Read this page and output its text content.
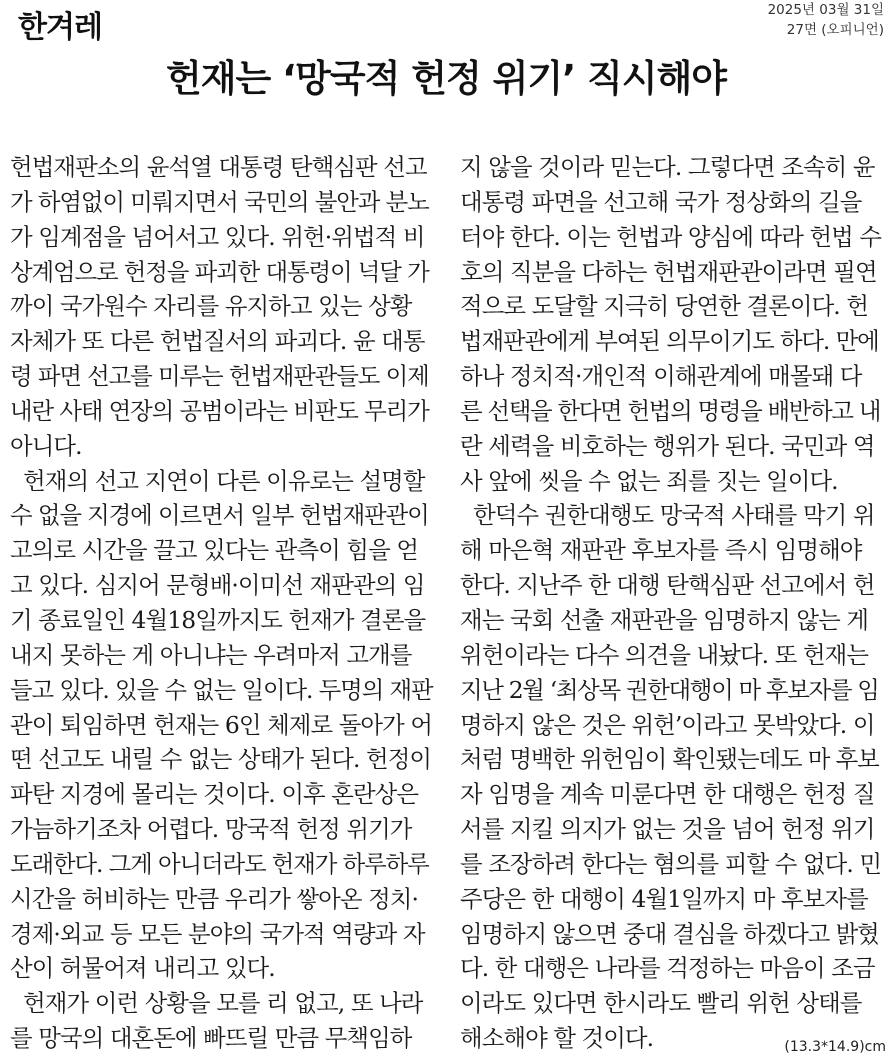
한겨레	2025년 03월 31일
27면 (오피니언)
헌재는 ‘망국적 헌정 위기’ 직시해야
헌법재판소의 윤석열 대통령 탄핵심판 선고
가 하염없이 미뤄지면서 국민의 불안과 분노
가 임계점을 넘어서고 있다. 위헌·위법적 비
상계엄으로 헌정을 파괴한 대통령이 넉달 가
까이 국가원수 자리를 유지하고 있는 상황
자체가 또 다른 헌법질서의 파괴다. 윤 대통
령 파면 선고를 미루는 헌법재판관들도 이제
내란 사태 연장의 공범이라는 비판도 무리가
아니다.
헌재의 선고 지연이 다른 이유로는 설명할
수 없을 지경에 이르면서 일부 헌법재판관이
고의로 시간을 끌고 있다는 관측이 힘을 얻
고 있다. 심지어 문형배·이미선 재판관의 임
기 종료일인 4월18일까지도 헌재가 결론을
내지 못하는 게 아니냐는 우려마저 고개를
들고 있다. 있을 수 없는 일이다. 두명의 재판
관이 퇴임하면 헌재는 6인 체제로 돌아가 어
떤 선고도 내릴 수 없는 상태가 된다. 헌정이
파탄 지경에 몰리는 것이다. 이후 혼란상은
가늠하기조차 어렵다. 망국적 헌정 위기가
도래한다. 그게 아니더라도 헌재가 하루하루
시간을 허비하는 만큼 우리가 쌓아온 정치·
경제·외교 등 모든 분야의 국가적 역량과 자
산이 허물어져 내리고 있다.
헌재가 이런 상황을 모를 리 없고, 또 나라
를 망국의 대혼돈에 빠뜨릴 만큼 무책임하
지 않을 것이라 믿는다. 그렇다면 조속히 윤
대통령 파면을 선고해 국가 정상화의 길을
터야 한다. 이는 헌법과 양심에 따라 헌법 수
호의 직분을 다하는 헌법재판관이라면 필연
적으로 도달할 지극히 당연한 결론이다. 헌
법재판관에게 부여된 의무이기도 하다. 만에
하나 정치적·개인적 이해관계에 매몰돼 다
른 선택을 한다면 헌법의 명령을 배반하고 내
란 세력을 비호하는 행위가 된다. 국민과 역
사 앞에 씻을 수 없는 죄를 짓는 일이다.
한덕수 권한대행도 망국적 사태를 막기 위
해 마은혁 재판관 후보자를 즉시 임명해야
한다. 지난주 한 대행 탄핵심판 선고에서 헌
재는 국회 선출 재판관을 임명하지 않는 게
위헌이라는 다수 의견을 내놨다. 또 헌재는
지난 2월 ‘최상목 권한대행이 마 후보자를 임
명하지 않은 것은 위헌’이라고 못박았다. 이
처럼 명백한 위헌임이 확인됐는데도 마 후보
자 임명을 계속 미룬다면 한 대행은 헌정 질
서를 지킬 의지가 없는 것을 넘어 헌정 위기
를 조장하려 한다는 혐의를 피할 수 없다. 민
주당은 한 대행이 4월1일까지 마 후보자를
임명하지 않으면 중대 결심을 하겠다고 밝혔
다. 한 대행은 나라를 걱정하는 마음이 조금
이라도 있다면 한시라도 빨리 위헌 상태를
해소해야 할 것이다.	(13.3*14.9)cm
